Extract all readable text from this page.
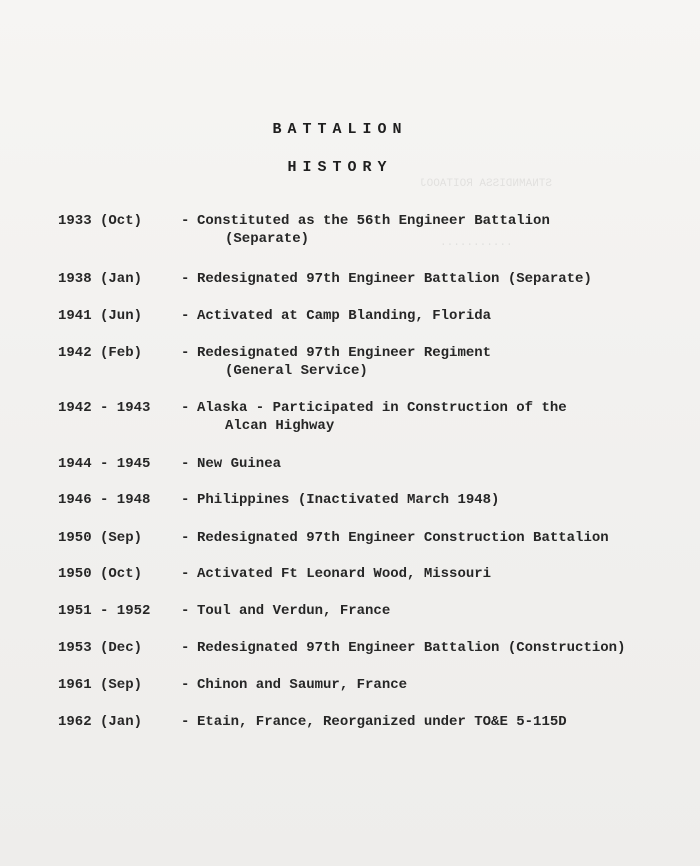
STNAMNDISSA ROITAOOJ
...........
BATTALION
HISTORY
1933 (Oct)	- Constituted as the 56th Engineer Battalion
(Separate)
1938 (Jan)	- Redesignated 97th Engineer Battalion (Separate)
1941 (Jun)	- Activated at Camp Blanding, Florida
1942 (Feb)	- Redesignated 97th Engineer Regiment
(General Service)
1942 - 1943	- Alaska - Participated in Construction of the
Alcan Highway
1944 - 1945	- New Guinea
1946 - 1948	- Philippines (Inactivated March 1948)
1950 (Sep)	- Redesignated 97th Engineer Construction Battalion
1950 (Oct)	- Activated Ft Leonard Wood, Missouri
1951 - 1952	- Toul and Verdun, France
1953 (Dec)	- Redesignated 97th Engineer Battalion (Construction)
1961 (Sep)	- Chinon and Saumur, France
1962 (Jan)	- Etain, France, Reorganized under TO&E 5-115D
